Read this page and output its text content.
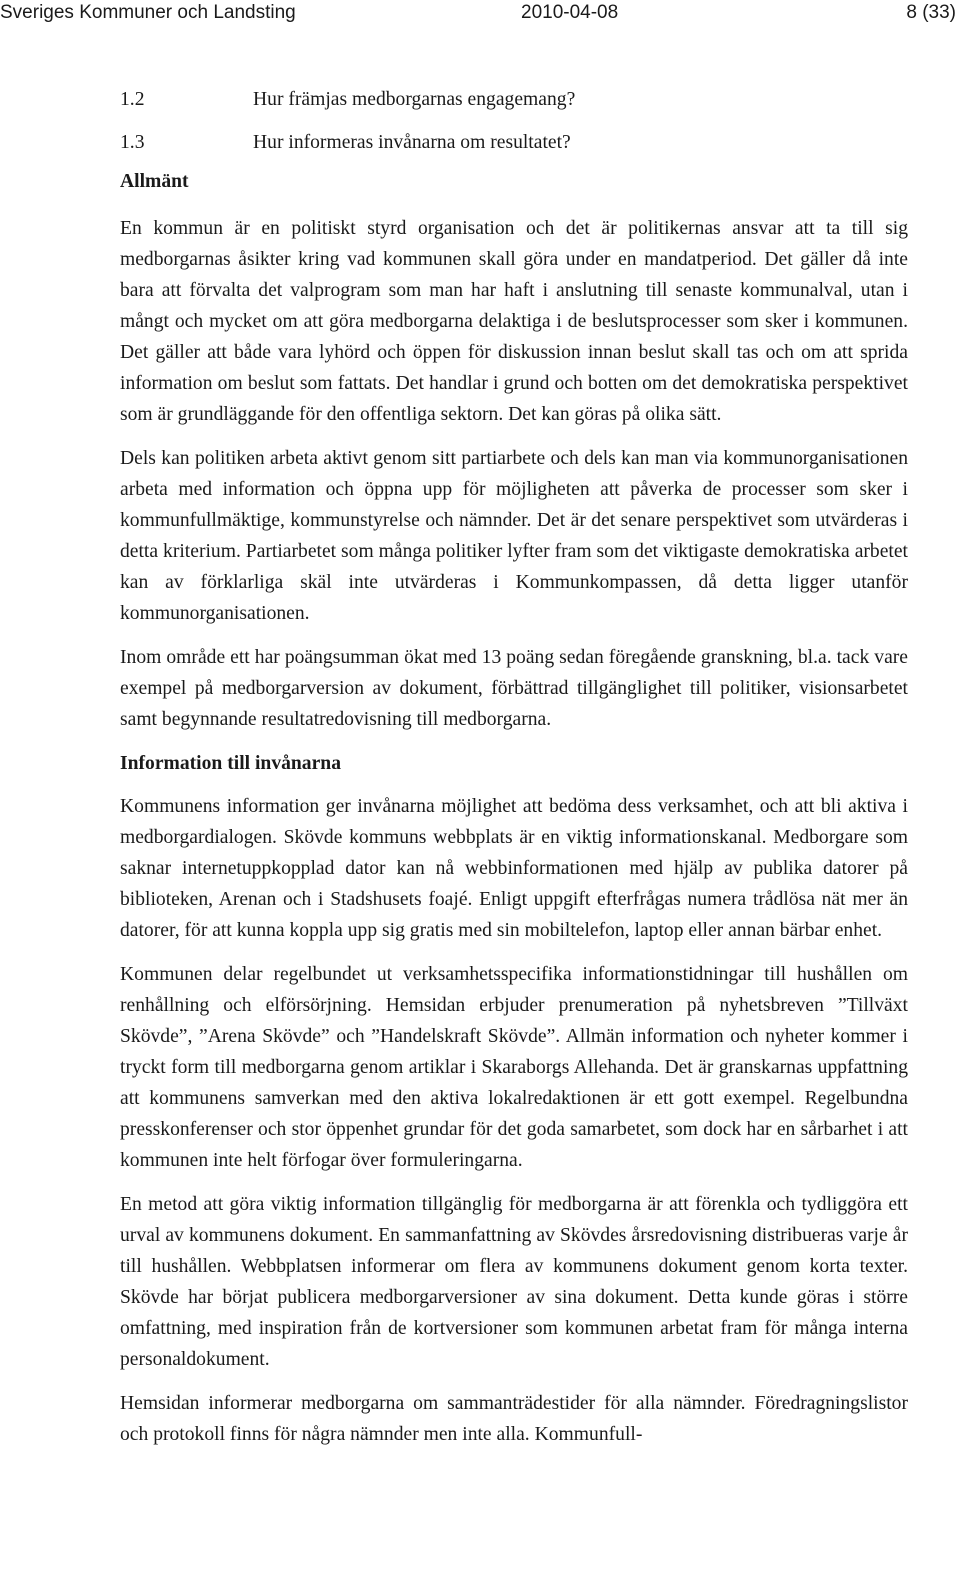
Sveriges Kommuner och Landsting	2010-04-08	8 (33)
1.2	Hur främjas medborgarnas engagemang?
1.3	Hur informeras invånarna om resultatet?
Allmänt

En kommun är en politiskt styrd organisation och det är politikernas ansvar att ta till sig medborgarnas åsikter kring vad kommunen skall göra under en mandatperiod. Det gäller då inte bara att förvalta det valprogram som man har haft i anslutning till senaste kommunalval, utan i mångt och mycket om att göra medborgarna delaktiga i de beslutsprocesser som sker i kommunen. Det gäller att både vara lyhörd och öppen för diskussion innan beslut skall tas och om att sprida information om beslut som fattats. Det handlar i grund och botten om det demokratiska perspektivet som är grundläggande för den offentliga sektorn. Det kan göras på olika sätt.

Dels kan politiken arbeta aktivt genom sitt partiarbete och dels kan man via kommunorganisationen arbeta med information och öppna upp för möjligheten att påverka de processer som sker i kommunfullmäktige, kommunstyrelse och nämnder. Det är det senare perspektivet som utvärderas i detta kriterium. Partiarbetet som många politiker lyfter fram som det viktigaste demokratiska arbetet kan av förklarliga skäl inte utvärderas i Kommunkompassen, då detta ligger utanför kommunorganisationen.

Inom område ett har poängsumman ökat med 13 poäng sedan föregående granskning, bl.a. tack vare exempel på medborgarversion av dokument, förbättrad tillgänglighet till politiker, visionsarbetet samt begynnande resultatredovisning till medborgarna.

Information till invånarna

Kommunens information ger invånarna möjlighet att bedöma dess verksamhet, och att bli aktiva i medborgardialogen. Skövde kommuns webbplats är en viktig informationskanal. Medborgare som saknar internetuppkopplad dator kan nå webbinformationen med hjälp av publika datorer på biblioteken, Arenan och i Stadshusets foajé. Enligt uppgift efterfrågas numera trådlösa nät mer än datorer, för att kunna koppla upp sig gratis med sin mobiltelefon, laptop eller annan bärbar enhet.

Kommunen delar regelbundet ut verksamhetsspecifika informationstidningar till hushållen om renhållning och elförsörjning. Hemsidan erbjuder prenumeration på nyhetsbreven ”Tillväxt Skövde”, ”Arena Skövde” och ”Handelskraft Skövde”. Allmän information och nyheter kommer i tryckt form till medborgarna genom artiklar i Skaraborgs Allehanda. Det är granskarnas uppfattning att kommunens samverkan med den aktiva lokalredaktionen är ett gott exempel. Regelbundna presskonferenser och stor öppenhet grundar för det goda samarbetet, som dock har en sårbarhet i att kommunen inte helt förfogar över formuleringarna.

En metod att göra viktig information tillgänglig för medborgarna är att förenkla och tydliggöra ett urval av kommunens dokument. En sammanfattning av Skövdes årsredovisning distribueras varje år till hushållen. Webbplatsen informerar om flera av kommunens dokument genom korta texter. Skövde har börjat publicera medborgarversioner av sina dokument. Detta kunde göras i större omfattning, med inspiration från de kortversioner som kommunen arbetat fram för många interna personaldokument.

Hemsidan informerar medborgarna om sammanträdestider för alla nämnder. Föredragningslistor och protokoll finns för några nämnder men inte alla. Kommunfull-
